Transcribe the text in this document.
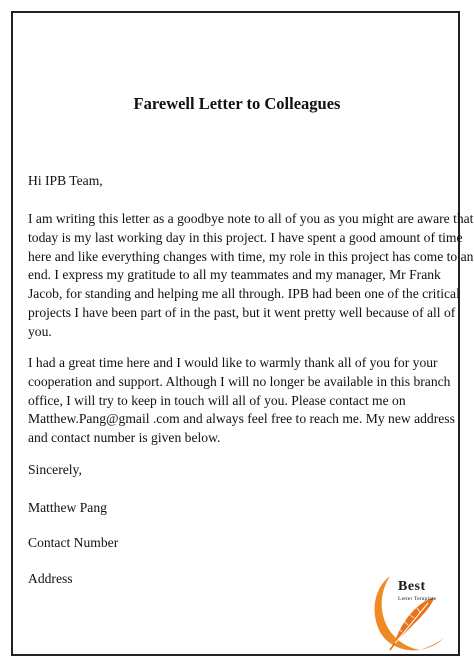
Farewell Letter to Colleagues
Hi IPB Team,
I am writing this letter as a goodbye note to all of you as you might are aware that
today is my last working day in this project. I have spent a good amount of time
here and like everything changes with time, my role in this project has come to an
end. I express my gratitude to all my teammates and my manager, Mr Frank
Jacob, for standing and helping me all through. IPB had been one of the critical
projects I have been part of in the past, but it went pretty well because of all of
you.
I had a great time here and I would like to warmly thank all of you for your
cooperation and support. Although I will no longer be available in this branch
office, I will try to keep in touch will all of you. Please contact me on
Matthew.Pang@gmail .com and always feel free to reach me. My new address
and contact number is given below.
Sincerely,
Matthew Pang
Contact Number
Address
Best
Letter Template
